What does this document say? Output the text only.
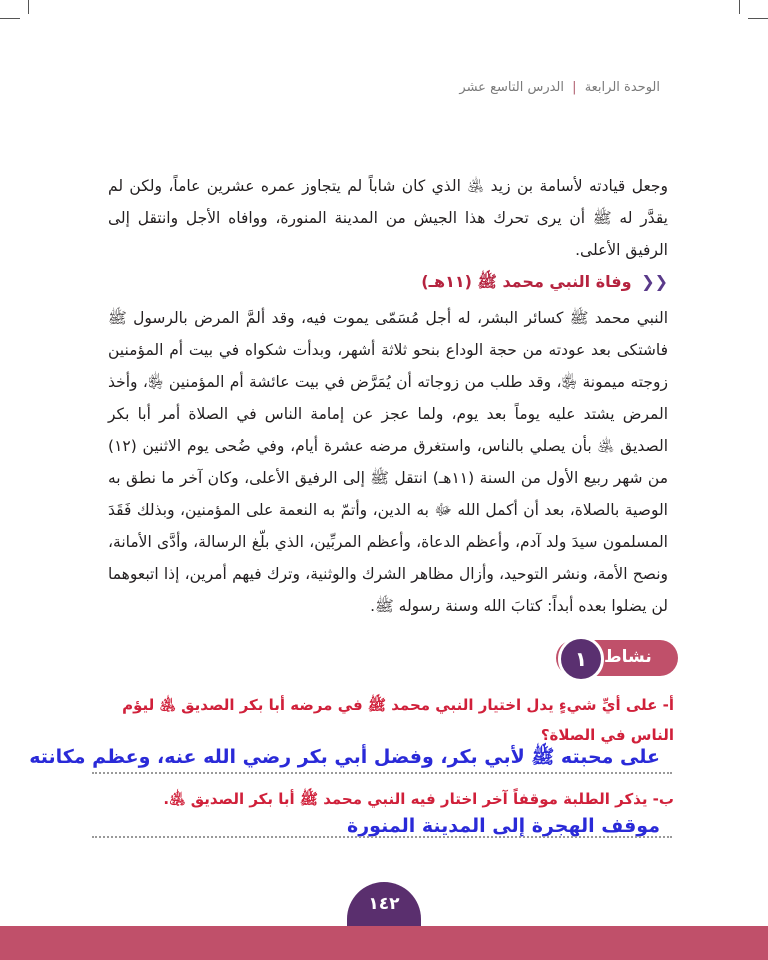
الوحدة الرابعة | الدرس التاسع عشر
وجعل قيادته لأسامة بن زيد ﵁ الذي كان شاباً لم يتجاوز عمره عشرين عاماً، ولكن لم يقدَّر له ﷺ أن يرى تحرك هذا الجيش من المدينة المنورة، ووافاه الأجل وانتقل إلى الرفيق الأعلى.
❮❮ وفاة النبي محمد ﷺ (١١هـ)
النبي محمد ﷺ كسائر البشر، له أجل مُسَمّى يموت فيه، وقد ألمَّ المرض بالرسول ﷺ فاشتكى بعد عودته من حجة الوداع بنحو ثلاثة أشهر، وبدأت شكواه في بيت أم المؤمنين زوجته ميمونة ﵂، وقد طلب من زوجاته أن يُمَرَّض في بيت عائشة أم المؤمنين ﵂، وأخذ المرض يشتد عليه يوماً بعد يوم، ولما عجز عن إمامة الناس في الصلاة أمر أبا بكر الصديق ﵁ بأن يصلي بالناس، واستغرق مرضه عشرة أيام، وفي ضُحى يوم الاثنين (١٢) من شهر ربيع الأول من السنة (١١هـ) انتقل ﷺ إلى الرفيق الأعلى، وكان آخر ما نطق به الوصية بالصلاة، بعد أن أكمل الله ﷻ به الدين، وأتمّ به النعمة على المؤمنين، وبذلك فَقَدَ المسلمون سيدَ ولد آدم، وأعظم الدعاة، وأعظم المربِّين، الذي بلّغ الرسالة، وأدَّى الأمانة، ونصح الأمة، ونشر التوحيد، وأزال مظاهر الشرك والوثنية، وترك فيهم أمرين، إذا اتبعوهما لن يضلوا بعده أبداً: كتابَ الله وسنة رسوله ﷺ.
نشاط
١
أ- على أيِّ شيءٍ يدل اختيار النبي محمد ﷺ في مرضه أبا بكر الصديق ﵁ ليؤم الناس في الصلاة؟
على محبته ﷺ لأبي بكر، وفضل أبي بكر رضي الله عنه، وعظم مكانته
ب- يذكر الطلبة موقفاً آخر اختار فيه النبي محمد ﷺ أبا بكر الصديق ﵁.
موقف الهجرة إلى المدينة المنورة
١٤٢
